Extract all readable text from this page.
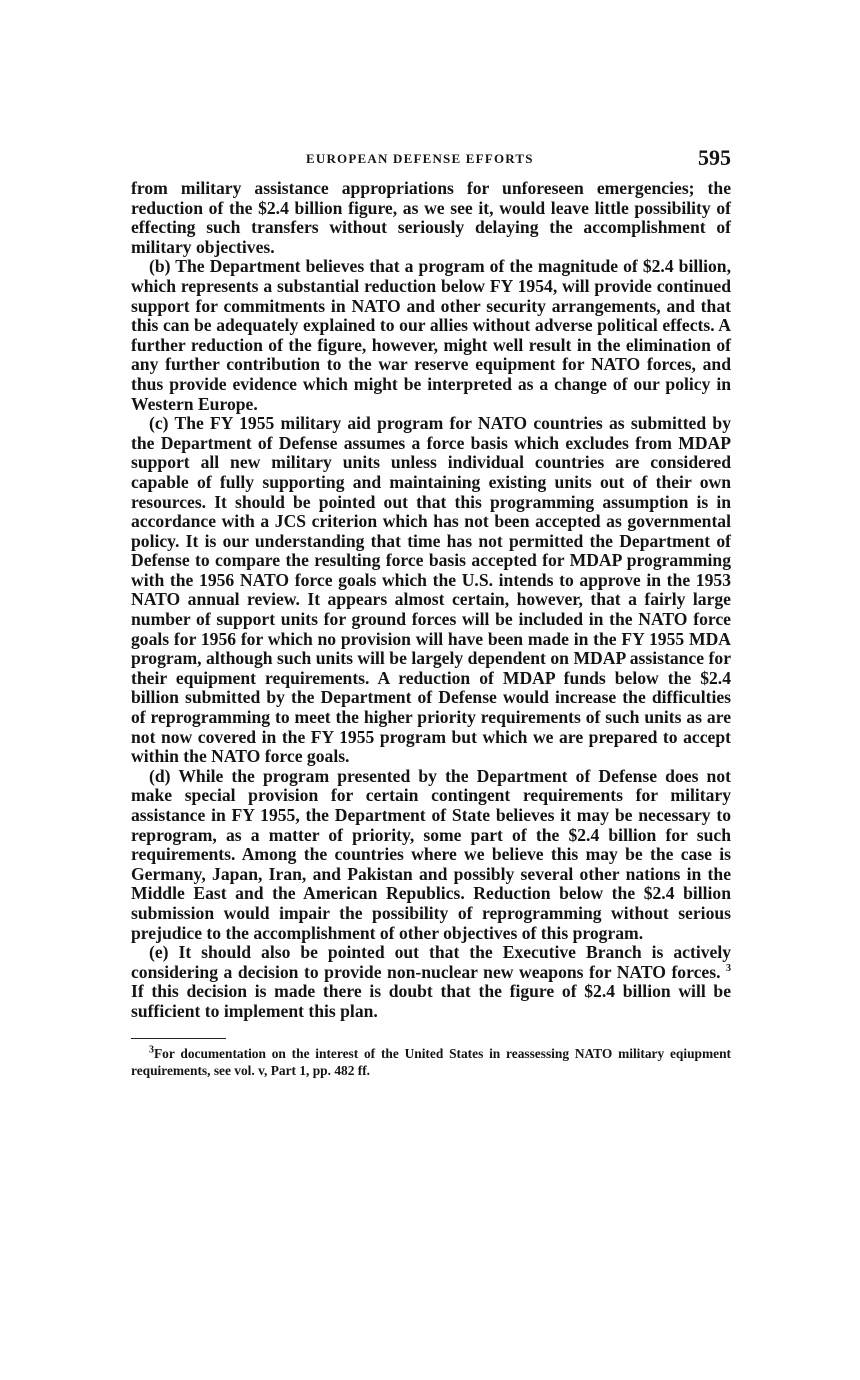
EUROPEAN DEFENSE EFFORTS	595

from military assistance appropriations for unforeseen emergencies; the reduction of the $2.4 billion figure, as we see it, would leave little possibility of effecting such transfers without seriously delaying the accomplishment of military objectives.

(b) The Department believes that a program of the magnitude of $2.4 billion, which represents a substantial reduction below FY 1954, will provide continued support for commitments in NATO and other security arrangements, and that this can be adequately explained to our allies without adverse political effects. A further reduction of the figure, however, might well result in the elimination of any further contribution to the war reserve equipment for NATO forces, and thus provide evidence which might be interpreted as a change of our policy in Western Europe.

(c) The FY 1955 military aid program for NATO countries as submitted by the Department of Defense assumes a force basis which excludes from MDAP support all new military units unless individual countries are considered capable of fully supporting and maintaining existing units out of their own resources. It should be pointed out that this programming assumption is in accordance with a JCS criterion which has not been accepted as governmental policy. It is our understanding that time has not permitted the Department of Defense to compare the resulting force basis accepted for MDAP programming with the 1956 NATO force goals which the U.S. intends to approve in the 1953 NATO annual review. It appears almost certain, however, that a fairly large number of support units for ground forces will be included in the NATO force goals for 1956 for which no provision will have been made in the FY 1955 MDA program, although such units will be largely dependent on MDAP assistance for their equipment requirements. A reduction of MDAP funds below the $2.4 billion submitted by the Department of Defense would increase the difficulties of reprogramming to meet the higher priority requirements of such units as are not now covered in the FY 1955 program but which we are prepared to accept within the NATO force goals.

(d) While the program presented by the Department of Defense does not make special provision for certain contingent requirements for military assistance in FY 1955, the Department of State believes it may be necessary to reprogram, as a matter of priority, some part of the $2.4 billion for such requirements. Among the countries where we believe this may be the case is Germany, Japan, Iran, and Pakistan and possibly several other nations in the Middle East and the American Republics. Reduction below the $2.4 billion submission would impair the possibility of reprogramming without serious prejudice to the accomplishment of other objectives of this program.

(e) It should also be pointed out that the Executive Branch is actively considering a decision to provide non-nuclear new weapons for NATO forces. $^3$ If this decision is made there is doubt that the figure of $2.4 billion will be sufficient to implement this plan.

$^3$For documentation on the interest of the United States in reassessing NATO military eqiupment requirements, see vol. v, Part 1, pp. 482 ff.
